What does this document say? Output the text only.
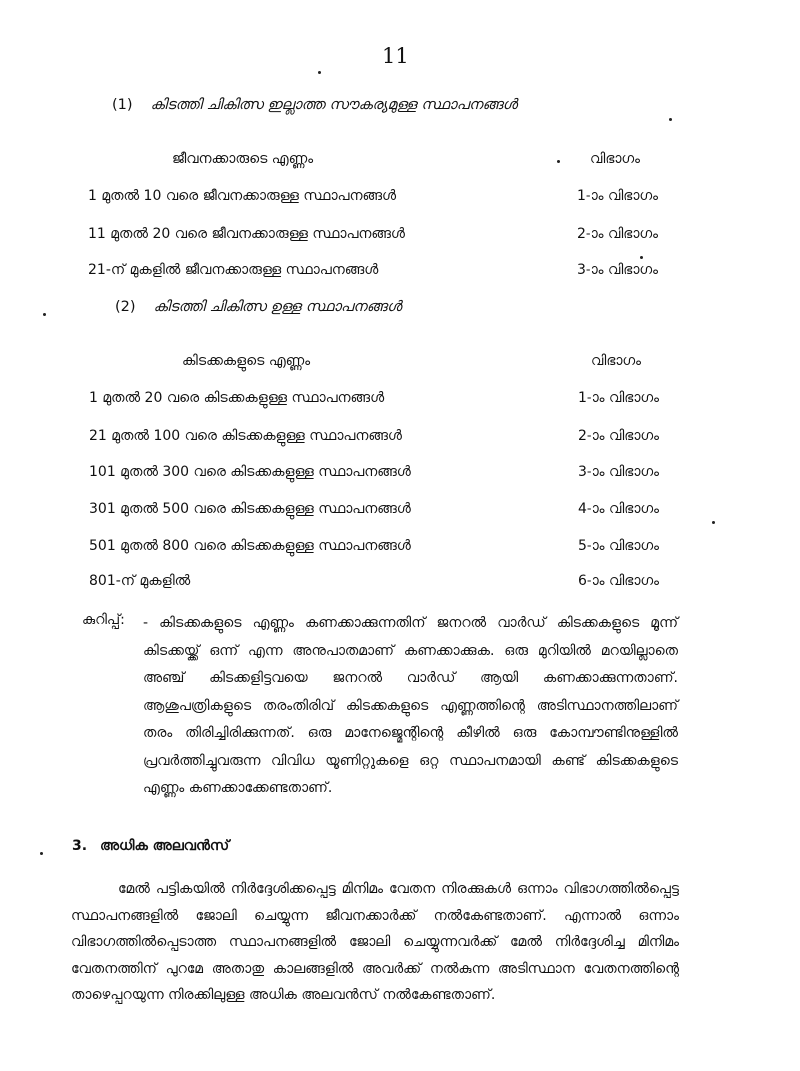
11
(1) കിടത്തി ചികിത്സ ഇല്ലാത്ത സൗകര്യമുള്ള സ്ഥാപനങ്ങൾ
ജീവനക്കാരുടെ എണ്ണം	വിഭാഗം
1 മുതൽ 10 വരെ ജീവനക്കാരുള്ള സ്ഥാപനങ്ങൾ	1-ാം വിഭാഗം
11 മുതൽ 20 വരെ ജീവനക്കാരുള്ള സ്ഥാപനങ്ങൾ	2-ാം വിഭാഗം
21-ന് മുകളിൽ ജീവനക്കാരുള്ള സ്ഥാപനങ്ങൾ	3-ാം വിഭാഗം
(2) കിടത്തി ചികിത്സ ഉള്ള സ്ഥാപനങ്ങൾ
കിടക്കകളുടെ എണ്ണം	വിഭാഗം
1 മുതൽ 20 വരെ കിടക്കകളുള്ള സ്ഥാപനങ്ങൾ	1-ാം വിഭാഗം
21 മുതൽ 100 വരെ കിടക്കകളുള്ള സ്ഥാപനങ്ങൾ	2-ാം വിഭാഗം
101 മുതൽ 300 വരെ കിടക്കകളുള്ള സ്ഥാപനങ്ങൾ	3-ാം വിഭാഗം
301 മുതൽ 500 വരെ കിടക്കകളുള്ള സ്ഥാപനങ്ങൾ	4-ാം വിഭാഗം
501 മുതൽ 800 വരെ കിടക്കകളുള്ള സ്ഥാപനങ്ങൾ	5-ാം വിഭാഗം
801-ന് മുകളിൽ	6-ാം വിഭാഗം
കുറിപ്പ്: - കിടക്കകളുടെ എണ്ണം കണക്കാക്കുന്നതിന് ജനറൽ വാർഡ് കിടക്കകളുടെ മൂന്ന് കിടക്കയ്ക്ക് ഒന്ന് എന്ന അനുപാതമാണ് കണക്കാക്കുക. ഒരു മുറിയിൽ മറയില്ലാതെ അഞ്ച് കിടക്കളിട്ടവയെ ജനറൽ വാർഡ് ആയി കണക്കാക്കുന്നതാണ്. ആശുപത്രികളുടെ തരംതിരിവ് കിടക്കകളുടെ എണ്ണത്തിന്റെ അടിസ്ഥാനത്തിലാണ് തരം തിരിച്ചിരിക്കുന്നത്. ഒരു മാനേജ്മെന്റിന്റെ കീഴിൽ ഒരു കോമ്പൗണ്ടിനുള്ളിൽ പ്രവർത്തിച്ചുവരുന്ന വിവിധ യൂണിറ്റുകളെ ഒറ്റ സ്ഥാപനമായി കണ്ട് കിടക്കകളുടെ എണ്ണം കണക്കാക്കേണ്ടതാണ്.
3. അധിക അലവൻസ്
മേൽ പട്ടികയിൽ നിർദ്ദേശിക്കപ്പെട്ട മിനിമം വേതന നിരക്കുകൾ ഒന്നാം വിഭാഗത്തിൽപ്പെട്ട സ്ഥാപനങ്ങളിൽ ജോലി ചെയ്യുന്ന ജീവനക്കാർക്ക് നൽകേണ്ടതാണ്. എന്നാൽ ഒന്നാം വിഭാഗത്തിൽപ്പെടാത്ത സ്ഥാപനങ്ങളിൽ ജോലി ചെയ്യുന്നവർക്ക് മേൽ നിർദ്ദേശിച്ച മിനിമം വേതനത്തിന് പുറമേ അതാതു കാലങ്ങളിൽ അവർക്ക് നൽകുന്ന അടിസ്ഥാന വേതനത്തിന്റെ താഴെപ്പറയുന്ന നിരക്കിലുള്ള അധിക അലവൻസ് നൽകേണ്ടതാണ്.
